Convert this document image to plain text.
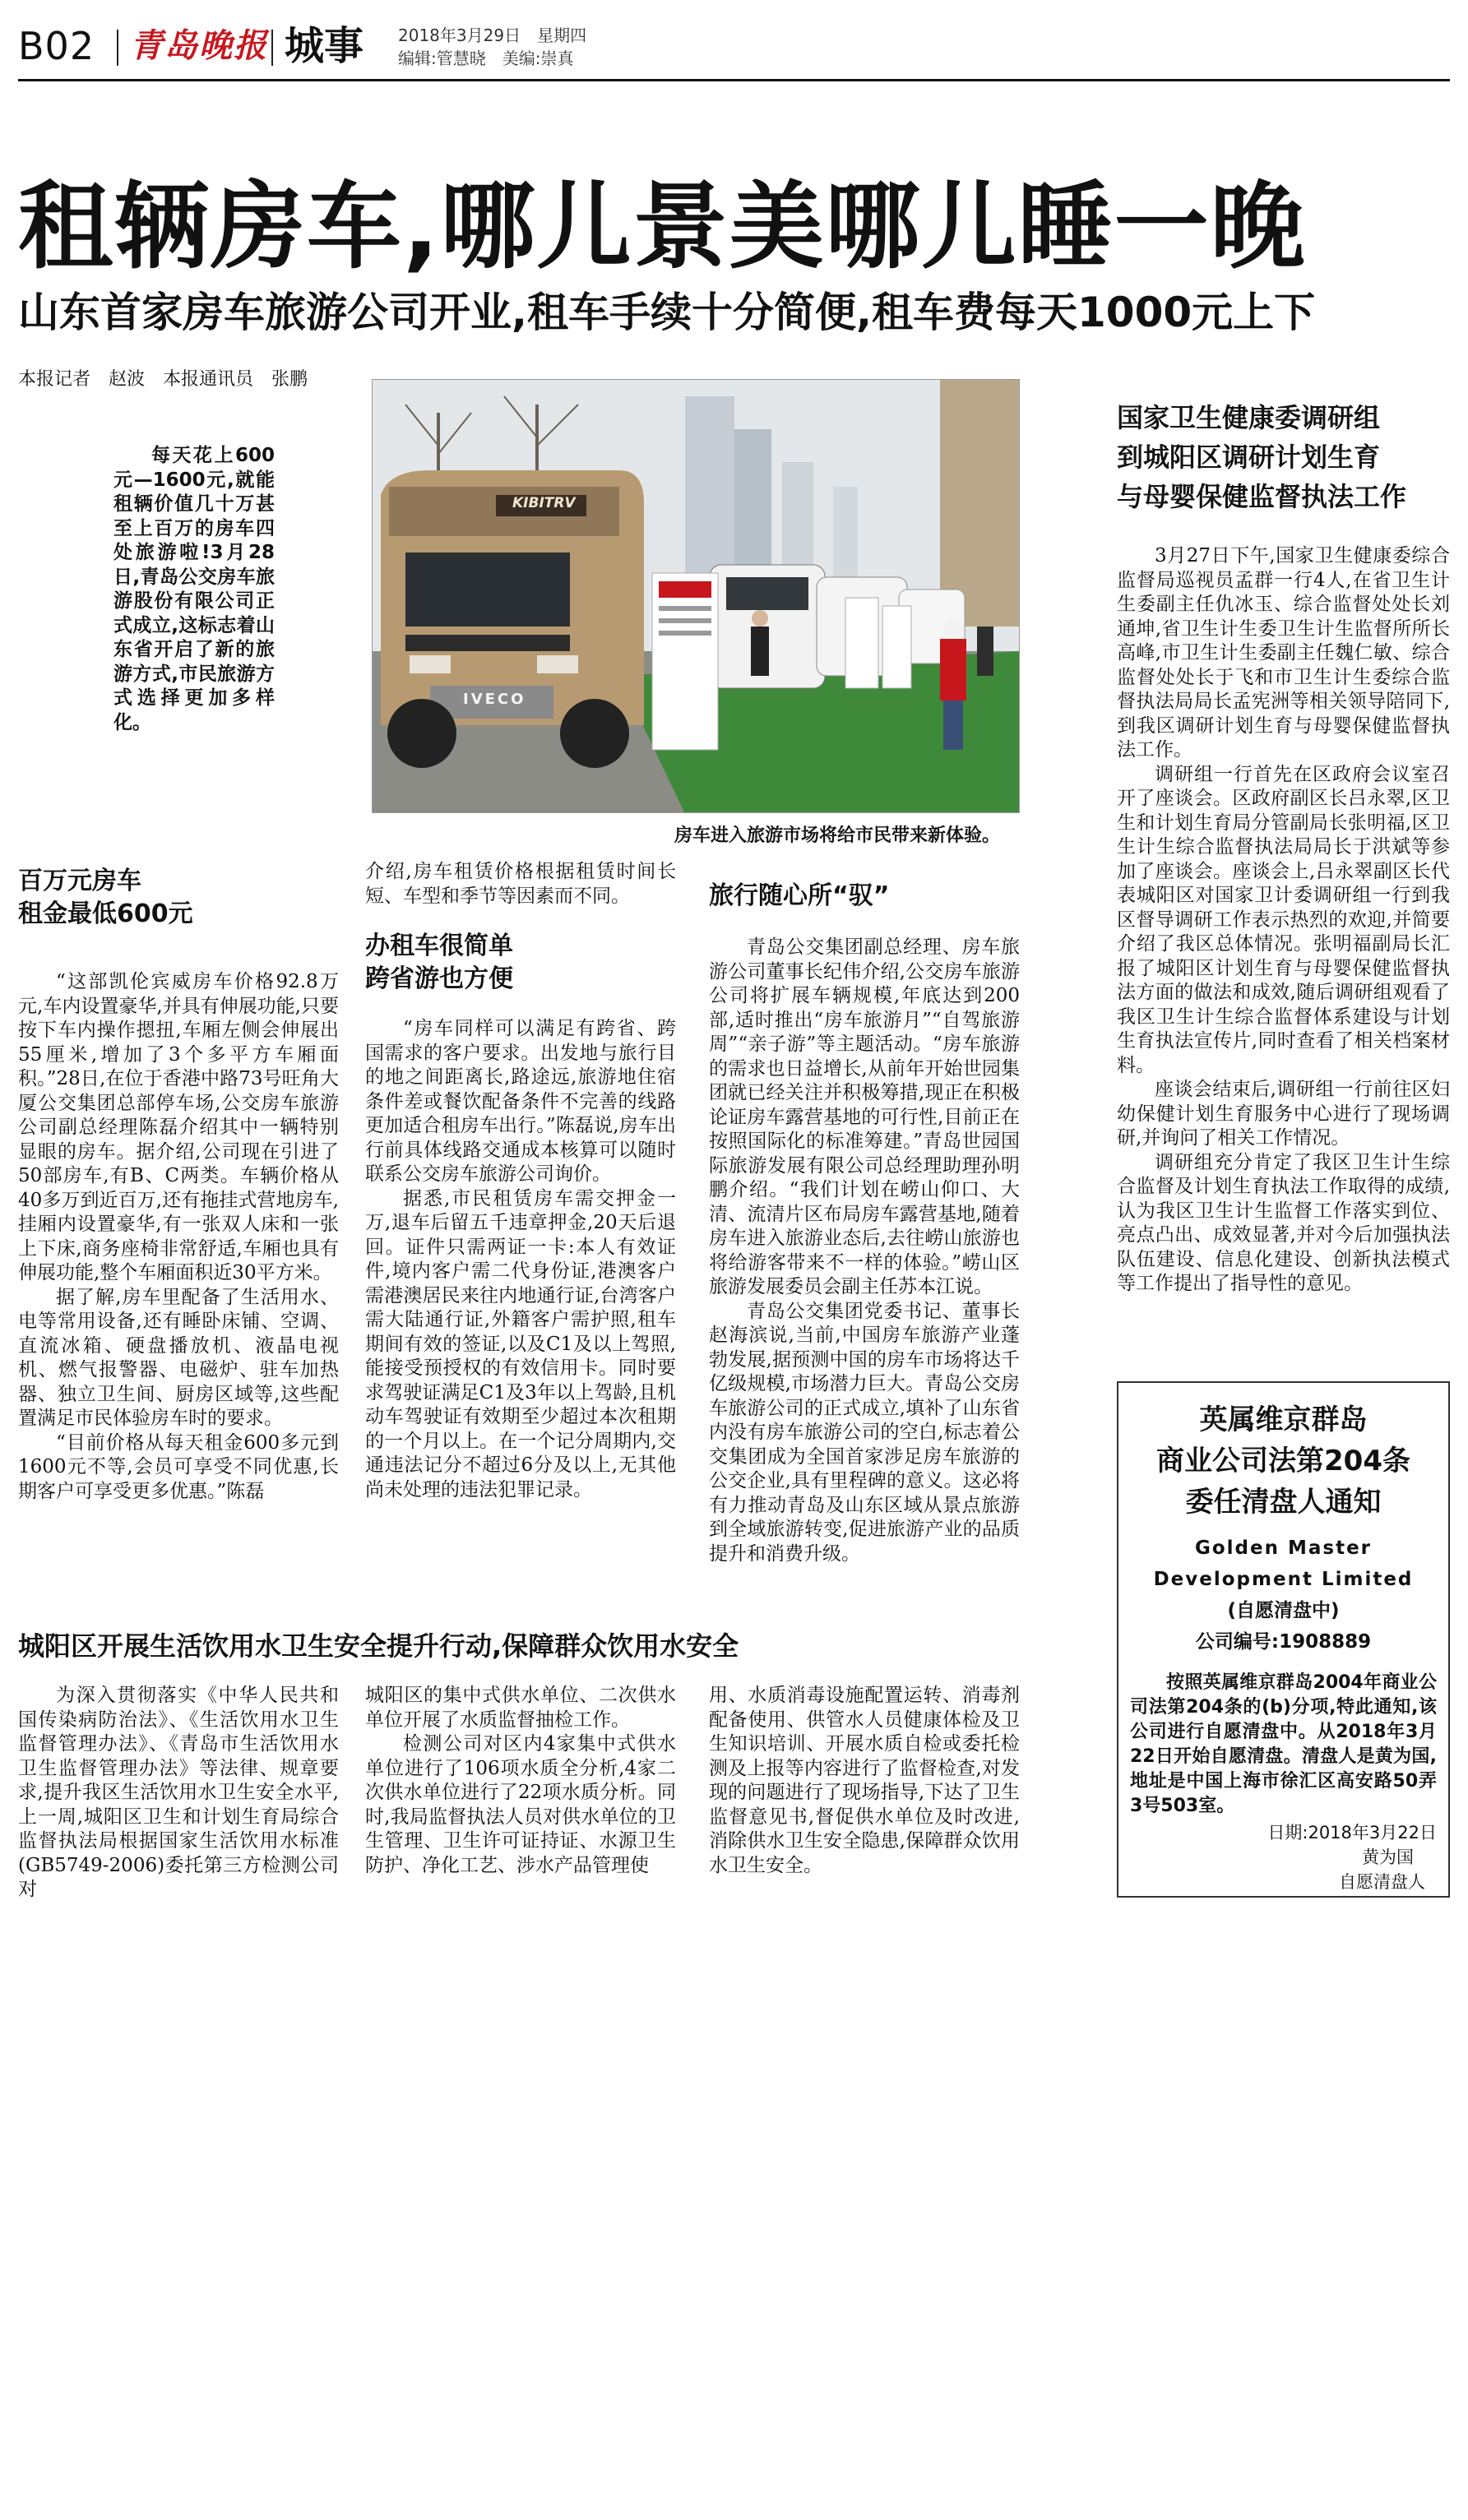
B02 青岛晚报 城事 2018年3月29日　星期四
编辑:管慧晓　美编:崇真
租辆房车,哪儿景美哪儿睡一晚
山东首家房车旅游公司开业,租车手续十分简便,租车费每天1000元上下
本报记者　赵波　本报通讯员　张鹏

每天花上600元—1600元,就能租辆价值几十万甚至上百万的房车四处旅游啦!3月28日,青岛公交房车旅游股份有限公司正式成立,这标志着山东省开启了新的旅游方式,市民旅游方式选择更加多样化。

KIBITRV
IVECO
房车进入旅游市场将给市民带来新体验。
百万元房车
租金最低600元

“这部凯伦宾威房车价格92.8万元,车内设置豪华,并具有伸展功能,只要按下车内操作摁扭,车厢左侧会伸展出55厘米,增加了3个多平方车厢面积。”28日,在位于香港中路73号旺角大厦公交集团总部停车场,公交房车旅游公司副总经理陈磊介绍其中一辆特别显眼的房车。据介绍,公司现在引进了50部房车,有B、C两类。车辆价格从40多万到近百万,还有拖挂式营地房车,挂厢内设置豪华,有一张双人床和一张上下床,商务座椅非常舒适,车厢也具有伸展功能,整个车厢面积近30平方米。

据了解,房车里配备了生活用水、电等常用设备,还有睡卧床铺、空调、直流冰箱、硬盘播放机、液晶电视机、燃气报警器、电磁炉、驻车加热器、独立卫生间、厨房区域等,这些配置满足市民体验房车时的要求。

“目前价格从每天租金600多元到1600元不等,会员可享受不同优惠,长期客户可享受更多优惠。”陈磊

介绍,房车租赁价格根据租赁时间长短、车型和季节等因素而不同。

办租车很简单
跨省游也方便

“房车同样可以满足有跨省、跨国需求的客户要求。出发地与旅行目的地之间距离长,路途远,旅游地住宿条件差或餐饮配备条件不完善的线路更加适合租房车出行。”陈磊说,房车出行前具体线路交通成本核算可以随时联系公交房车旅游公司询价。

据悉,市民租赁房车需交押金一万,退车后留五千违章押金,20天后退回。证件只需两证一卡:本人有效证件,境内客户需二代身份证,港澳客户需港澳居民来往内地通行证,台湾客户需大陆通行证,外籍客户需护照,租车期间有效的签证,以及C1及以上驾照,能接受预授权的有效信用卡。同时要求驾驶证满足C1及3年以上驾龄,且机动车驾驶证有效期至少超过本次租期的一个月以上。在一个记分周期内,交通违法记分不超过6分及以上,无其他尚未处理的违法犯罪记录。

旅行随心所“驭”

青岛公交集团副总经理、房车旅游公司董事长纪伟介绍,公交房车旅游公司将扩展车辆规模,年底达到200部,适时推出“房车旅游月”“自驾旅游周”“亲子游”等主题活动。“房车旅游的需求也日益增长,从前年开始世园集团就已经关注并积极筹措,现正在积极论证房车露营基地的可行性,目前正在按照国际化的标准筹建。”青岛世园国际旅游发展有限公司总经理助理孙明鹏介绍。“我们计划在崂山仰口、大清、流清片区布局房车露营基地,随着房车进入旅游业态后,去往崂山旅游也将给游客带来不一样的体验。”崂山区旅游发展委员会副主任苏本江说。

青岛公交集团党委书记、董事长赵海滨说,当前,中国房车旅游产业蓬勃发展,据预测中国的房车市场将达千亿级规模,市场潜力巨大。青岛公交房车旅游公司的正式成立,填补了山东省内没有房车旅游公司的空白,标志着公交集团成为全国首家涉足房车旅游的公交企业,具有里程碑的意义。这必将有力推动青岛及山东区域从景点旅游到全域旅游转变,促进旅游产业的品质提升和消费升级。

国家卫生健康委调研组
到城阳区调研计划生育
与母婴保健监督执法工作

3月27日下午,国家卫生健康委综合监督局巡视员孟群一行4人,在省卫生计生委副主任仇冰玉、综合监督处处长刘通坤,省卫生计生委卫生计生监督所所长高峰,市卫生计生委副主任魏仁敏、综合监督处处长于飞和市卫生计生委综合监督执法局局长孟宪洲等相关领导陪同下,到我区调研计划生育与母婴保健监督执法工作。

调研组一行首先在区政府会议室召开了座谈会。区政府副区长吕永翠,区卫生和计划生育局分管副局长张明福,区卫生计生综合监督执法局局长于洪斌等参加了座谈会。座谈会上,吕永翠副区长代表城阳区对国家卫计委调研组一行到我区督导调研工作表示热烈的欢迎,并简要介绍了我区总体情况。张明福副局长汇报了城阳区计划生育与母婴保健监督执法方面的做法和成效,随后调研组观看了我区卫生计生综合监督体系建设与计划生育执法宣传片,同时查看了相关档案材料。

座谈会结束后,调研组一行前往区妇幼保健计划生育服务中心进行了现场调研,并询问了相关工作情况。

调研组充分肯定了我区卫生计生综合监督及计划生育执法工作取得的成绩,认为我区卫生计生监督工作落实到位、亮点凸出、成效显著,并对今后加强执法队伍建设、信息化建设、创新执法模式等工作提出了指导性的意见。

英属维京群岛
商业公司法第204条
委任清盘人通知
Golden Master
Development Limited
(自愿清盘中)
公司编号:1908889

按照英属维京群岛2004年商业公司法第204条的(b)分项,特此通知,该公司进行自愿清盘中。从2018年3月22日开始自愿清盘。清盘人是黄为国,地址是中国上海市徐汇区高安路50弄3号503室。

日期:2018年3月22日
黄为国
自愿清盘人
城阳区开展生活饮用水卫生安全提升行动,保障群众饮用水安全

为深入贯彻落实《中华人民共和国传染病防治法》、《生活饮用水卫生监督管理办法》、《青岛市生活饮用水卫生监督管理办法》等法律、规章要求,提升我区生活饮用水卫生安全水平,上一周,城阳区卫生和计划生育局综合监督执法局根据国家生活饮用水标准(GB5749-2006)委托第三方检测公司对

城阳区的集中式供水单位、二次供水单位开展了水质监督抽检工作。

检测公司对区内4家集中式供水单位进行了106项水质全分析,4家二次供水单位进行了22项水质分析。同时,我局监督执法人员对供水单位的卫生管理、卫生许可证持证、水源卫生防护、净化工艺、涉水产品管理使

用、水质消毒设施配置运转、消毒剂配备使用、供管水人员健康体检及卫生知识培训、开展水质自检或委托检测及上报等内容进行了监督检查,对发现的问题进行了现场指导,下达了卫生监督意见书,督促供水单位及时改进,消除供水卫生安全隐患,保障群众饮用水卫生安全。
